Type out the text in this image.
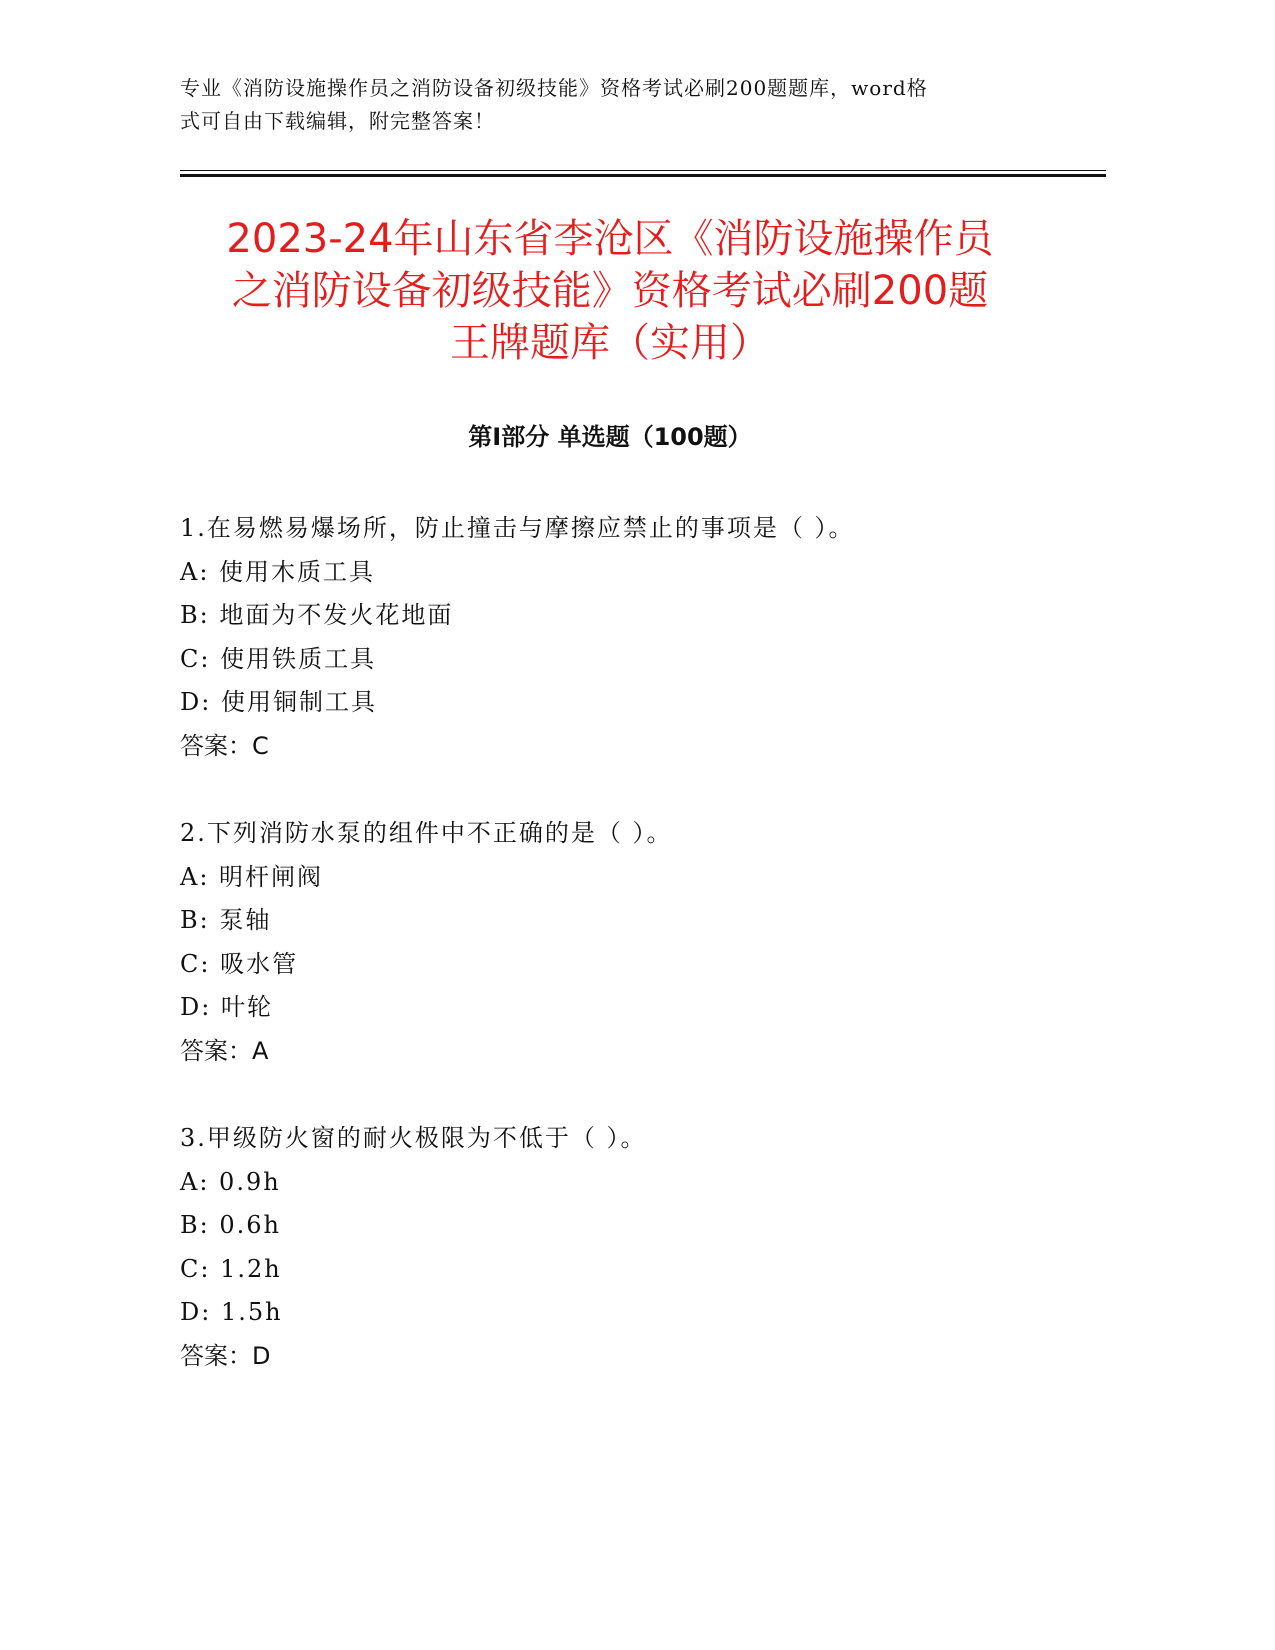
专业《消防设施操作员之消防设备初级技能》资格考试必刷200题题库，word格
式可自由下载编辑，附完整答案！
2023-24年山东省李沧区《消防设施操作员
之消防设备初级技能》资格考试必刷200题
王牌题库（实用）
第Ⅰ部分 单选题（100题）
1.在易燃易爆场所，防止撞击与摩擦应禁止的事项是（ ）。
A: 使用木质工具
B: 地面为不发火花地面
C: 使用铁质工具
D: 使用铜制工具
答案：C
2.下列消防水泵的组件中不正确的是（ ）。
A: 明杆闸阀
B: 泵轴
C: 吸水管
D: 叶轮
答案：A
3.甲级防火窗的耐火极限为不低于（ ）。
A: 0.9h
B: 0.6h
C: 1.2h
D: 1.5h
答案：D
